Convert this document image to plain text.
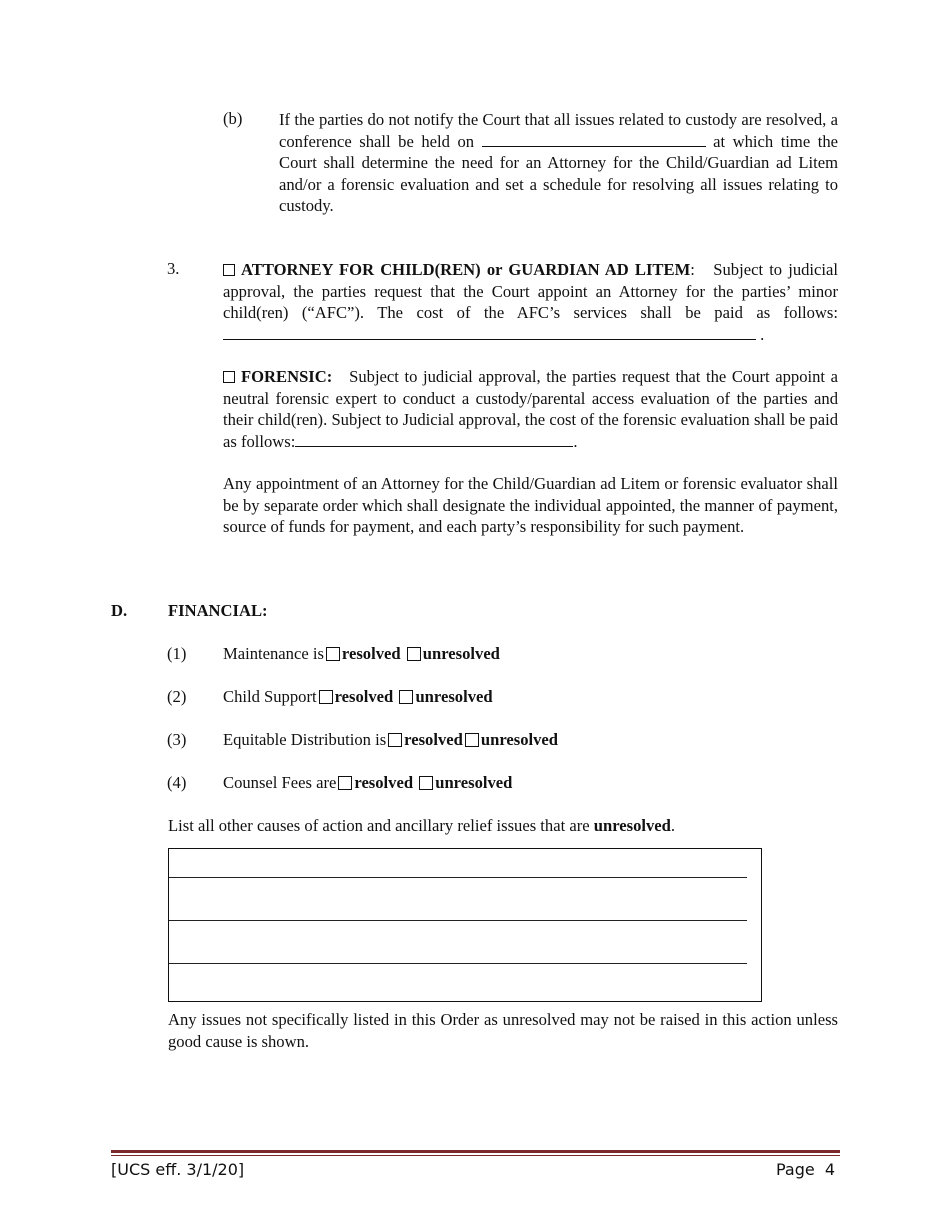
(b) If the parties do not notify the Court that all issues related to custody are resolved, a conference shall be held on	at which time the Court shall determine the need for an Attorney for the Child/Guardian ad Litem and/or a forensic evaluation and set a schedule for resolving all issues relating to custody.
3.	ATTORNEY FOR CHILD(REN) or GUARDIAN AD LITEM: Subject to judicial approval, the parties request that the Court appoint an Attorney for the parties’ minor child(ren) (“AFC”). The cost of the AFC’s services shall be paid as follows:  .
FORENSIC: Subject to judicial approval, the parties request that the Court appoint a neutral forensic expert to conduct a custody/parental access evaluation of the parties and their child(ren). Subject to Judicial approval, the cost of the forensic evaluation shall be paid as follows:	.
Any appointment of an Attorney for the Child/Guardian ad Litem or forensic evaluator shall be by separate order which shall designate the individual appointed, the manner of payment, source of funds for payment, and each party’s responsibility for such payment.
D. FINANCIAL:
(1) Maintenance is resolved unresolved
(2) Child Support resolved unresolved
(3) Equitable Distribution is resolved unresolved
(4) Counsel Fees are resolved unresolved
List all other causes of action and ancillary relief issues that are unresolved.
Any issues not specifically listed in this Order as unresolved may not be raised in this action unless good cause is shown.
[UCS eff. 3/1/20]	Page  4
